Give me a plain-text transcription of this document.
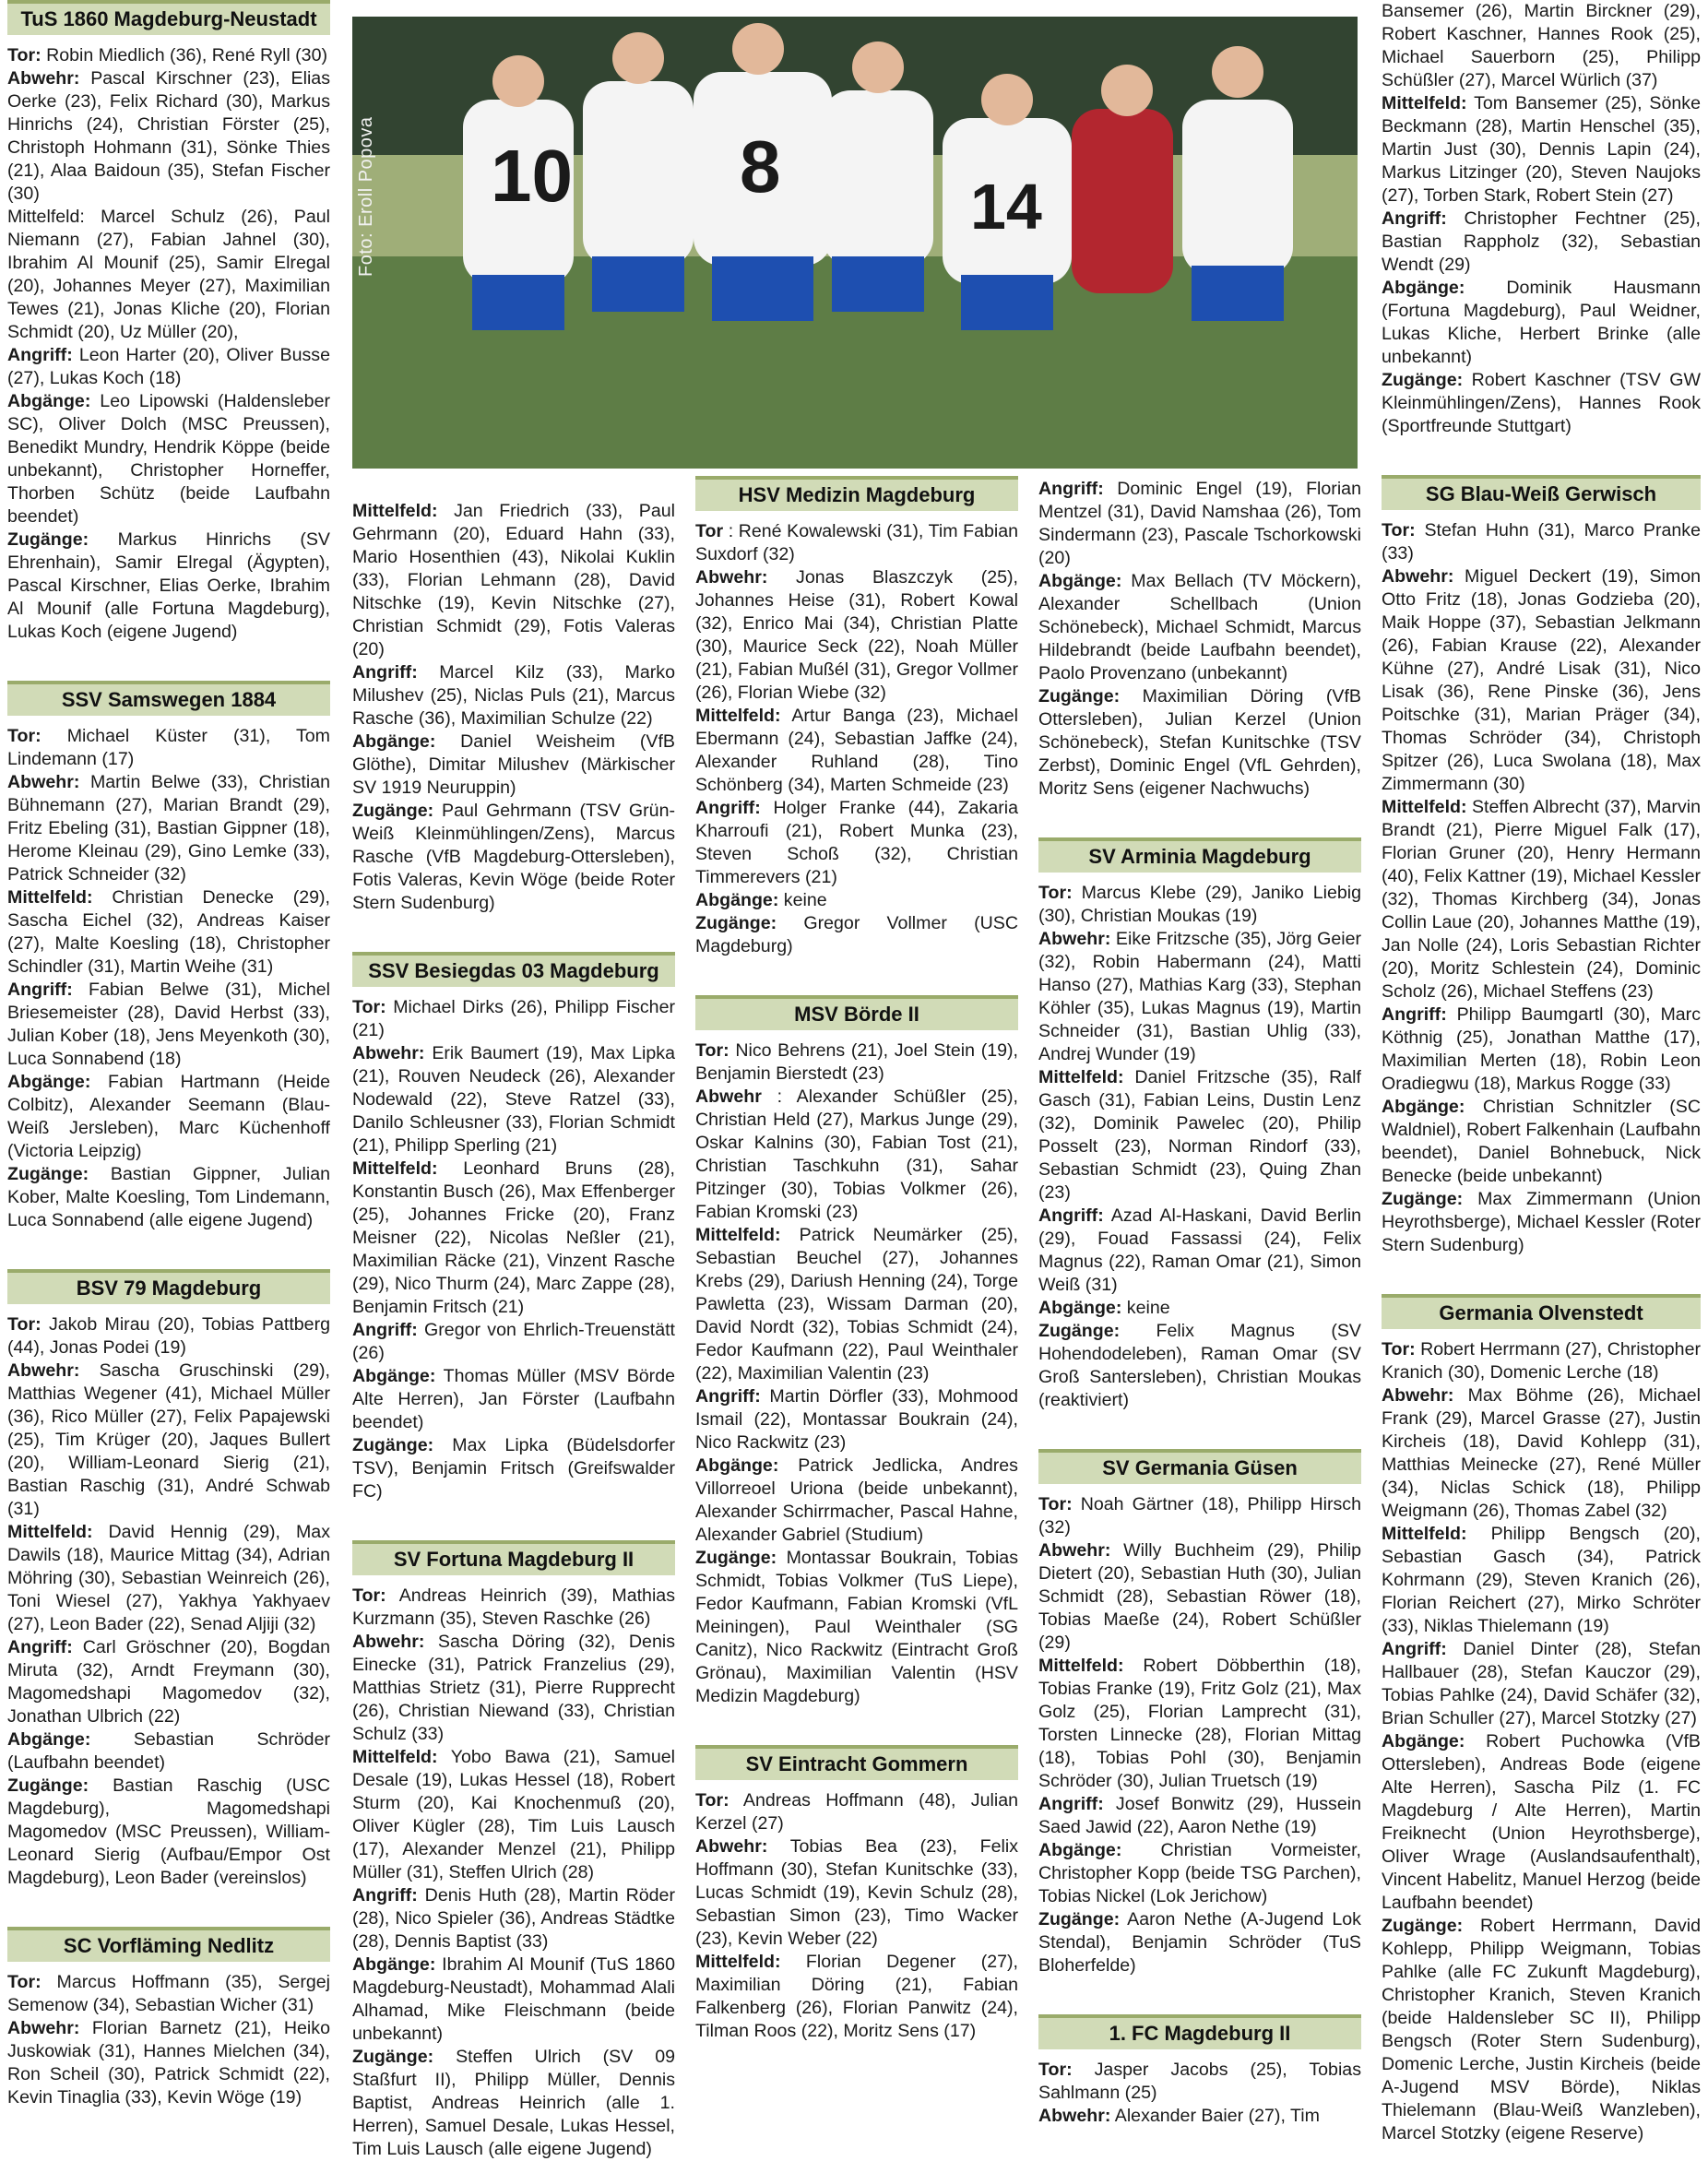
10 8	14
Foto: Eroll Popova
TuS 1860 Magdeburg-Neustadt

Tor: Robin Miedlich (36), René Ryll (30)

Abwehr: Pascal Kirschner (23), Elias Oerke (23), Felix Richard (30), Markus Hinrichs (24), Christian Förster (25), Christoph Hohmann (31), Sönke Thies (21), Alaa Baidoun (35), Stefan Fischer (30)

Mittelfeld: Marcel Schulz (26), Paul Niemann (27), Fabian Jahnel (30), Ibrahim Al Mounif (25), Samir Elregal (20), Johannes Meyer (27), Maximilian Tewes (21), Jonas Kliche (20), Florian Schmidt (20), Uz Müller (20),

Angriff: Leon Harter (20), Oliver Busse (27), Lukas Koch (18)

Abgänge: Leo Lipowski (Haldensleber SC), Oliver Dolch (MSC Preussen), Benedikt Mundry, Hendrik Köppe (beide unbekannt), Christopher Horneffer, Thorben Schütz (beide Laufbahn beendet)

Zugänge: Markus Hinrichs (SV Ehrenhain), Samir Elregal (Ägypten), Pascal Kirschner, Elias Oerke, Ibrahim Al Mounif (alle Fortuna Magdeburg), Lukas Koch (eigene Jugend)

SSV Samswegen 1884

Tor: Michael Küster (31), Tom Lindemann (17)

Abwehr: Martin Belwe (33), Christian Bühnemann (27), Marian Brandt (29), Fritz Ebeling (31), Bastian Gippner (18), Herome Kleinau (29), Gino Lemke (33), Patrick Schneider (32)

Mittelfeld: Christian Denecke (29), Sascha Eichel (32), Andreas Kaiser (27), Malte Koesling (18), Christopher Schindler (31), Martin Weihe (31)

Angriff: Fabian Belwe (31), Michel Briesemeister (28), David Herbst (33), Julian Kober (18), Jens Meyenkoth (30), Luca Sonnabend (18)

Abgänge: Fabian Hartmann (Heide Colbitz), Alexander Seemann (Blau-Weiß Jersleben), Marc Küchenhoff (Victoria Leipzig)

Zugänge: Bastian Gippner, Julian Kober, Malte Koesling, Tom Lindemann, Luca Sonnabend (alle eigene Jugend)

BSV 79 Magdeburg

Tor: Jakob Mirau (20), Tobias Pattberg (44), Jonas Podei (19)

Abwehr: Sascha Gruschinski (29), Matthias Wegener (41), Michael Müller (36), Rico Müller (27), Felix Papajewski (25), Tim Krüger (20), Jaques Bullert (20), William-Leonard Sierig (21), Bastian Raschig (31), André Schwab (31)

Mittelfeld: David Hennig (29), Max Dawils (18), Maurice Mittag (34), Adrian Möhring (30), Sebastian Weinreich (26), Toni Wiesel (27), Yakhya Yakhyaev (27), Leon Bader (22), Senad Aljiji (32)

Angriff: Carl Gröschner (20), Bogdan Miruta (32), Arndt Freymann (30), Magomedshapi Magomedov (32), Jonathan Ulbrich (22)

Abgänge: Sebastian Schröder (Laufbahn beendet)

Zugänge: Bastian Raschig (USC Magdeburg), Magomedshapi Magomedov (MSC Preussen), William-Leonard Sierig (Aufbau/Empor Ost Magdeburg), Leon Bader (vereinslos)

SC Vorfläming Nedlitz

Tor: Marcus Hoffmann (35), Sergej Semenow (34), Sebastian Wicher (31)

Abwehr: Florian Barnetz (21), Heiko Juskowiak (31), Hannes Mielchen (34), Ron Scheil (30), Patrick Schmidt (22), Kevin Tinaglia (33), Kevin Wöge (19)

Mittelfeld: Jan Friedrich (33), Paul Gehrmann (20), Eduard Hahn (33), Mario Hosenthien (43), Nikolai Kuklin (33), Florian Lehmann (28), David Nitschke (19), Kevin Nitschke (27), Christian Schmidt (29), Fotis Valeras (20)

Angriff: Marcel Kilz (33), Marko Milushev (25), Niclas Puls (21), Marcus Rasche (36), Maximilian Schulze (22)

Abgänge: Daniel Weisheim (VfB Glöthe), Dimitar Milushev (Märkischer SV 1919 Neuruppin)

Zugänge: Paul Gehrmann (TSV Grün-Weiß Kleinmühlingen/Zens), Marcus Rasche (VfB Magdeburg-Ottersleben), Fotis Valeras, Kevin Wöge (beide Roter Stern Sudenburg)

SSV Besiegdas 03 Magdeburg

Tor: Michael Dirks (26), Philipp Fischer (21)

Abwehr: Erik Baumert (19), Max Lipka (21), Rouven Neudeck (26), Alexander Nodewald (22), Steve Ratzel (33), Danilo Schleusner (33), Florian Schmidt (21), Philipp Sperling (21)

Mittelfeld: Leonhard Bruns (28), Konstantin Busch (26), Max Effenberger (25), Johannes Fricke (20), Franz Meisner (22), Nicolas Neßler (21), Maximilian Räcke (21), Vinzent Rasche (29), Nico Thurm (24), Marc Zappe (28), Benjamin Fritsch (21)

Angriff: Gregor von Ehrlich-Treuenstätt (26)

Abgänge: Thomas Müller (MSV Börde Alte Herren), Jan Förster (Laufbahn beendet)

Zugänge: Max Lipka (Büdelsdorfer TSV), Benjamin Fritsch (Greifswalder FC)

SV Fortuna Magdeburg II

Tor: Andreas Heinrich (39), Mathias Kurzmann (35), Steven Raschke (26)

Abwehr: Sascha Döring (32), Denis Einecke (31), Patrick Franzelius (29), Matthias Strietz (31), Pierre Rupprecht (26), Christian Niewand (33), Christian Schulz (33)

Mittelfeld: Yobo Bawa (21), Samuel Desale (19), Lukas Hessel (18), Robert Sturm (20), Kai Knochenmuß (20), Oliver Kügler (28), Tim Luis Lausch (17), Alexander Menzel (21), Philipp Müller (31), Steffen Ulrich (28)

Angriff: Denis Huth (28), Martin Röder (28), Nico Spieler (36), Andreas Städtke (28), Dennis Baptist (33)

Abgänge: Ibrahim Al Mounif (TuS 1860 Magdeburg-Neustadt), Mohammad Alali Alhamad, Mike Fleischmann (beide unbekannt)

Zugänge: Steffen Ulrich (SV 09 Staßfurt II), Philipp Müller, Dennis Baptist, Andreas Heinrich (alle 1. Herren), Samuel Desale, Lukas Hessel, Tim Luis Lausch (alle eigene Jugend)

HSV Medizin Magdeburg

Tor : René Kowalewski (31), Tim Fabian Suxdorf (32)

Abwehr: Jonas Blaszczyk (25), Johannes Heise (31), Robert Kowal (32), Enrico Mai (34), Christian Platte (30), Maurice Seck (22), Noah Müller (21), Fabian Mußél (31), Gregor Vollmer (26), Florian Wiebe (32)

Mittelfeld: Artur Banga (23), Michael Ebermann (24), Sebastian Jaffke (24), Alexander Ruhland (28), Tino Schönberg (34), Marten Schmeide (23)

Angriff: Holger Franke (44), Zakaria Kharroufi (21), Robert Munka (23), Steven Schoß (32), Christian Timmerevers (21)

Abgänge: keine

Zugänge: Gregor Vollmer (USC Magdeburg)

MSV Börde II

Tor: Nico Behrens (21), Joel Stein (19), Benjamin Bierstedt (23)

Abwehr : Alexander Schüßler (25), Christian Held (27), Markus Junge (29), Oskar Kalnins (30), Fabian Tost (21), Christian Taschkuhn (31), Sahar Pitzinger (30), Tobias Volkmer (26), Fabian Kromski (23)

Mittelfeld: Patrick Neumärker (25), Sebastian Beuchel (27), Johannes Krebs (29), Dariush Henning (24), Torge Pawletta (23), Wissam Darman (20), David Nordt (32), Tobias Schmidt (24), Fedor Kaufmann (22), Paul Weinthaler (22), Maximilian Valentin (23)

Angriff: Martin Dörfler (33), Mohmood Ismail (22), Montassar Boukrain (24), Nico Rackwitz (23)

Abgänge: Patrick Jedlicka, Andres Villorreoel Uriona (beide unbekannt), Alexander Schirrmacher, Pascal Hahne, Alexander Gabriel (Studium)

Zugänge: Montassar Boukrain, Tobias Schmidt, Tobias Volkmer (TuS Liepe), Fedor Kaufmann, Fabian Kromski (VfL Meiningen), Paul Weinthaler (SG Canitz), Nico Rackwitz (Eintracht Groß Grönau), Maximilian Valentin (HSV Medizin Magdeburg)

SV Eintracht Gommern

Tor: Andreas Hoffmann (48), Julian Kerzel (27)

Abwehr: Tobias Bea (23), Felix Hoffmann (30), Stefan Kunitschke (33), Lucas Schmidt (19), Kevin Schulz (28), Sebastian Simon (23), Timo Wacker (23), Kevin Weber (22)

Mittelfeld: Florian Degener (27), Maximilian Döring (21), Fabian Falkenberg (26), Florian Panwitz (24), Tilman Roos (22), Moritz Sens (17)

Angriff: Dominic Engel (19), Florian Mentzel (31), David Namshaa (26), Tom Sindermann (23), Pascale Tschorkowski (20)

Abgänge: Max Bellach (TV Möckern), Alexander Schellbach (Union Schönebeck), Michael Schmidt, Marcus Hildebrandt (beide Laufbahn beendet), Paolo Provenzano (unbekannt)

Zugänge: Maximilian Döring (VfB Ottersleben), Julian Kerzel (Union Schönebeck), Stefan Kunitschke (TSV Zerbst), Dominic Engel (VfL Gehrden), Moritz Sens (eigener Nachwuchs)

SV Arminia Magdeburg

Tor: Marcus Klebe (29), Janiko Liebig (30), Christian Moukas (19)

Abwehr: Eike Fritzsche (35), Jörg Geier (32), Robin Habermann (24), Matti Hanso (27), Mathias Karg (33), Stephan Köhler (35), Lukas Magnus (19), Martin Schneider (31), Bastian Uhlig (33), Andrej Wunder (19)

Mittelfeld: Daniel Fritzsche (35), Ralf Gasch (31), Fabian Leins, Dustin Lenz (32), Dominik Pawelec (20), Philip Posselt (23), Norman Rindorf (33), Sebastian Schmidt (23), Quing Zhan (23)

Angriff: Azad Al-Haskani, David Berlin (29), Fouad Fassassi (24), Felix Magnus (22), Raman Omar (21), Simon Weiß (31)

Abgänge: keine

Zugänge: Felix Magnus (SV Hohendodeleben), Raman Omar (SV Groß Santersleben), Christian Moukas (reaktiviert)

SV Germania Güsen

Tor: Noah Gärtner (18), Philipp Hirsch (32)

Abwehr: Willy Buchheim (29), Philip Dietert (20), Sebastian Huth (30), Julian Schmidt (28), Sebastian Röwer (18), Tobias Maeße (24), Robert Schüßler (29)

Mittelfeld: Robert Döbberthin (18), Tobias Franke (19), Fritz Golz (21), Max Golz (25), Florian Lamprecht (31), Torsten Linnecke (28), Florian Mittag (18), Tobias Pohl (30), Benjamin Schröder (30), Julian Truetsch (19)

Angriff: Josef Bonwitz (29), Hussein Saed Jawid (22), Aaron Nethe (19)

Abgänge: Christian Vormeister, Christopher Kopp (beide TSG Parchen), Tobias Nickel (Lok Jerichow)

Zugänge: Aaron Nethe (A-Jugend Lok Stendal), Benjamin Schröder (TuS Bloherfelde)

1. FC Magdeburg II

Tor: Jasper Jacobs (25), Tobias Sahlmann (25)

Abwehr: Alexander Baier (27), Tim

Bansemer (26), Martin Birckner (29), Robert Kaschner, Hannes Rook (25), Michael Sauerborn (25), Philipp Schüßler (27), Marcel Würlich (37)

Mittelfeld: Tom Bansemer (25), Sönke Beckmann (28), Martin Henschel (35), Martin Just (30), Dennis Lapin (24), Markus Litzinger (20), Steven Naujoks (27), Torben Stark, Robert Stein (27)

Angriff: Christopher Fechtner (25), Bastian Rappholz (32), Sebastian Wendt (29)

Abgänge: Dominik Hausmann (Fortuna Magdeburg), Paul Weidner, Lukas Kliche, Herbert Brinke (alle unbekannt)

Zugänge: Robert Kaschner (TSV GW Kleinmühlingen/Zens), Hannes Rook (Sportfreunde Stuttgart)

SG Blau-Weiß Gerwisch

Tor: Stefan Huhn (31), Marco Pranke (33)

Abwehr: Miguel Deckert (19), Simon Otto Fritz (18), Jonas Godzieba (20), Maik Hoppe (37), Sebastian Jelkmann (26), Fabian Krause (22), Alexander Kühne (27), André Lisak (31), Nico Lisak (36), Rene Pinske (36), Jens Poitschke (31), Marian Präger (34), Thomas Schröder (34), Christoph Spitzer (26), Luca Swolana (18), Max Zimmermann (30)

Mittelfeld: Steffen Albrecht (37), Marvin Brandt (21), Pierre Miguel Falk (17), Florian Gruner (20), Henry Hermann (40), Felix Kattner (19), Michael Kessler (32), Thomas Kirchberg (34), Jonas Collin Laue (20), Johannes Matthe (19), Jan Nolle (24), Loris Sebastian Richter (20), Moritz Schlestein (24), Dominic Scholz (26), Michael Steffens (23)

Angriff: Philipp Baumgartl (30), Marc Köthnig (25), Jonathan Matthe (17), Maximilian Merten (18), Robin Leon Oradiegwu (18), Markus Rogge (33)

Abgänge: Christian Schnitzler (SC Waldniel), Robert Falkenhain (Laufbahn beendet), Daniel Bohnebuck, Nick Benecke (beide unbekannt)

Zugänge: Max Zimmermann (Union Heyrothsberge), Michael Kessler (Roter Stern Sudenburg)

Germania Olvenstedt

Tor: Robert Herrmann (27), Christopher Kranich (30), Domenic Lerche (18)

Abwehr: Max Böhme (26), Michael Frank (29), Marcel Grasse (27), Justin Kircheis (18), David Kohlepp (31), Matthias Meinecke (27), René Müller (34), Niclas Schick (18), Philipp Weigmann (26), Thomas Zabel (32)

Mittelfeld: Philipp Bengsch (20), Sebastian Gasch (34), Patrick Kohrmann (29), Steven Kranich (26), Florian Reichert (27), Mirko Schröter (33), Niklas Thielemann (19)

Angriff: Daniel Dinter (28), Stefan Hallbauer (28), Stefan Kauczor (29), Tobias Pahlke (24), David Schäfer (32), Brian Schuller (27), Marcel Stotzky (27)

Abgänge: Robert Puchowka (VfB Ottersleben), Andreas Bode (eigene Alte Herren), Sascha Pilz (1. FC Magdeburg / Alte Herren), Martin Freiknecht (Union Heyrothsberge), Oliver Wrage (Auslandsaufenthalt), Vincent Habelitz, Manuel Herzog (beide Laufbahn beendet)

Zugänge: Robert Herrmann, David Kohlepp, Philipp Weigmann, Tobias Pahlke (alle FC Zukunft Magdeburg), Christopher Kranich, Steven Kranich (beide Haldensleber SC II), Philipp Bengsch (Roter Stern Sudenburg), Domenic Lerche, Justin Kircheis (beide A-Jugend MSV Börde), Niklas Thielemann (Blau-Weiß Wanzleben), Marcel Stotzky (eigene Reserve)
